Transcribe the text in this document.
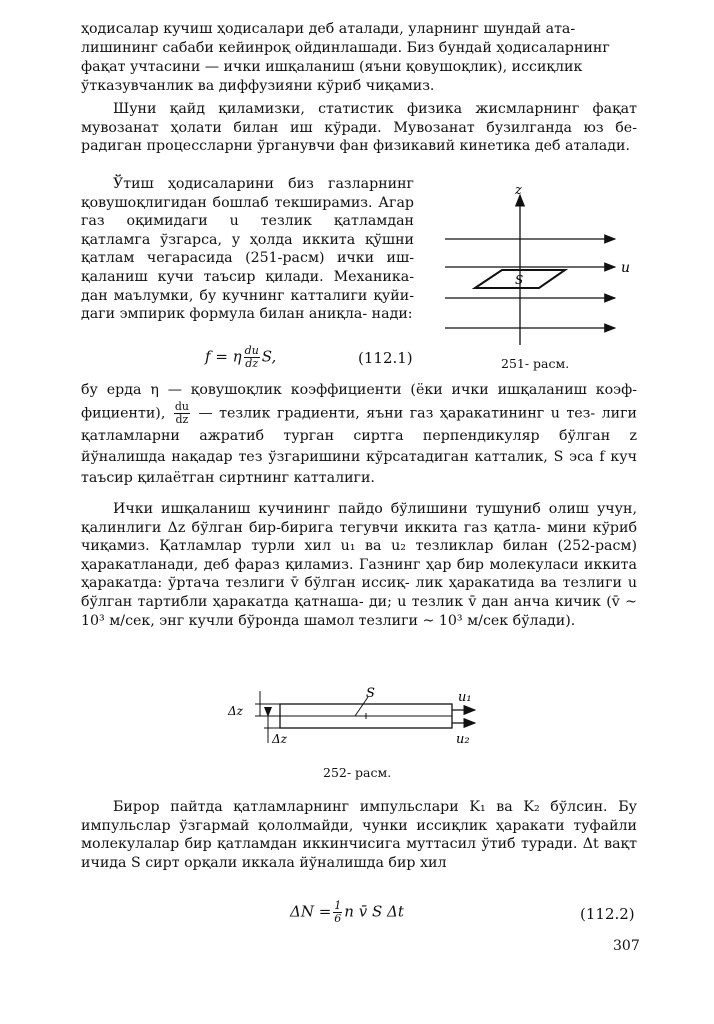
ҳодисалар кучиш ҳодисалари деб аталади, уларнинг шундай ата-

лишининг сабаби кейинроқ ойдинлашади. Биз бундай ҳодисаларнинг

фақат учтасини — ички ишқаланиш (яъни қовушоқлик), иссиқлик

ўтказувчанлик ва диффузияни кўриб чиқамиз.

Шуни қайд қиламизки, статистик физика жисмларнинг фақат мувозанат ҳолати билан иш кўради. Мувозанат бузилганда юз бе- радиган процессларни ўрганувчи фан физикавий кинетика деб аталади.

Ўтиш ҳодисаларини биз газларнинг қовушоқлигидан бошлаб текширамиз. Агар газ оқимидаги u тезлик қатламдан қатламга ўзгарса, у ҳолда иккита қўшни қатлам чегарасида (251-расм) ички иш- қаланиш кучи таъсир қилади. Механика- дан маълумки, бу кучнинг катталиги қуйи- даги эмпирик формула билан аниқла- нади:

f = η $\frac{du}{dz} S$,	(112.1)
z
S
u
251- расм.

бу ерда η — қовушоқлик коэффициенти (ёки ички ишқаланиш коэф- фициенти), $\frac{du}{dz}$ — тезлик градиенти, яъни газ ҳаракатининг u тез- лиги қатламларни ажратиб турган сиртга перпендикуляр бўлган z йўналишда нақадар тез ўзгаришини кўрсатадиган катталик, S эса f куч таъсир қилаётган сиртнинг катталиги.

Ички ишқаланиш кучининг пайдо бўлишини тушуниб олиш учун, қалинлиги Δz бўлган бир-бирига тегувчи иккита газ қатла- мини кўриб чиқамиз. Қатламлар турли хил u₁ ва u₂ тезликлар билан (252-расм) ҳаракатланади, деб фараз қиламиз. Газнинг ҳар бир молекуласи иккита ҳаракатда: ўртача тезлиги v̄ бўлган иссиқ- лик ҳаракатида ва тезлиги u бўлган тартибли ҳаракатда қатнаша- ди; u тезлик v̄ дан анча кичик (v̄ ~ 10³ м/сек, энг кучли бўронда шамол тезлиги ~ 10³ м/сек бўлади).

S	u₁
u₂
Δz
Δz
252- расм.

Бирор пайтда қатламларнинг импульслари K₁ ва K₂ бўлсин. Бу импульслар ўзгармай қололмайди, чунки иссиқлик ҳаракати туфайли молекулалар бир қатламдан иккинчисига муттасил ўтиб туради. Δt вақт ичида S сирт орқали иккала йўналишда бир хил

$\Delta N = \frac{1}{6}$ n v̄ S Δt	(112.2)
307
